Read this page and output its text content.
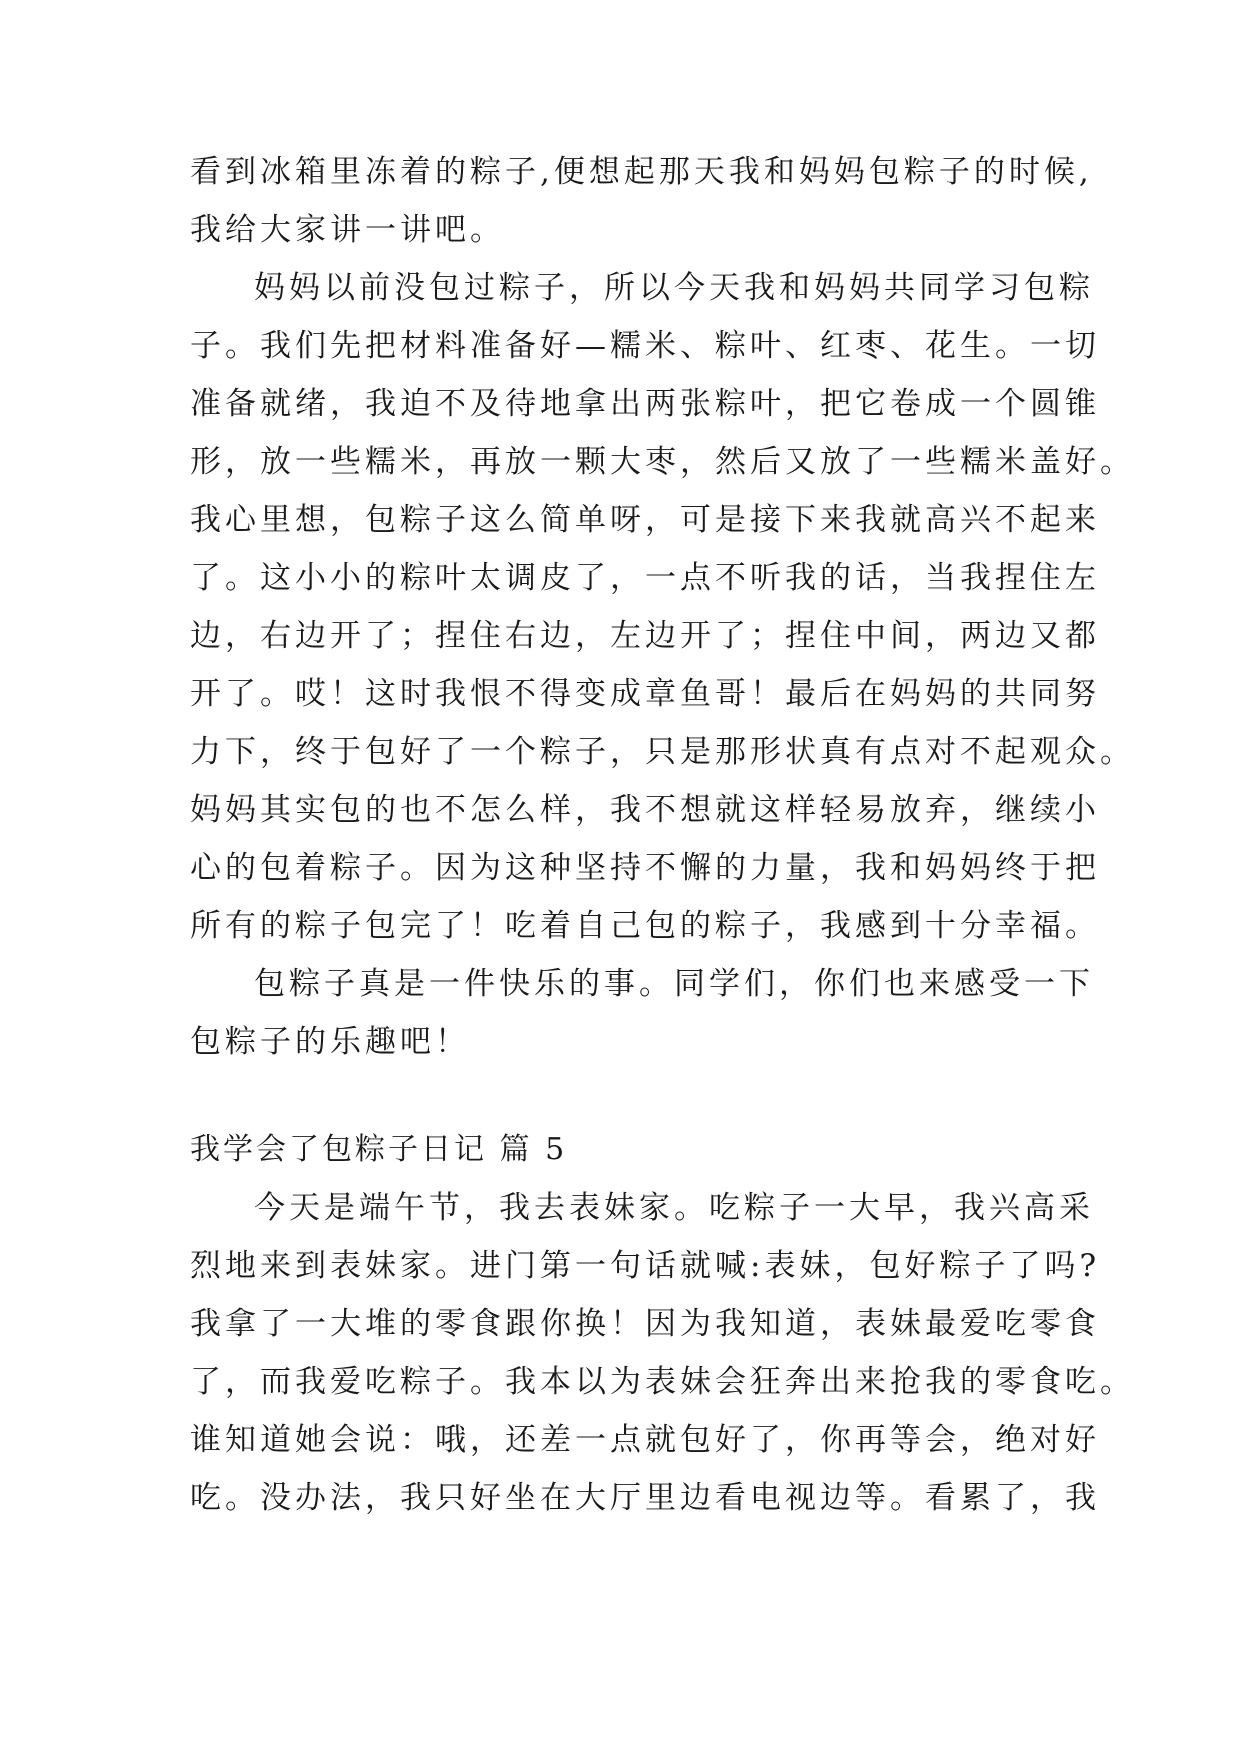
看到冰箱里冻着的粽子,便想起那天我和妈妈包粽子的时候,
我给大家讲一讲吧。
妈妈以前没包过粽子，所以今天我和妈妈共同学习包粽
子。我们先把材料准备好—糯米、粽叶、红枣、花生。一切
准备就绪，我迫不及待地拿出两张粽叶，把它卷成一个圆锥
形，放一些糯米，再放一颗大枣，然后又放了一些糯米盖好。
我心里想，包粽子这么简单呀，可是接下来我就高兴不起来
了。这小小的粽叶太调皮了，一点不听我的话，当我捏住左
边，右边开了；捏住右边，左边开了；捏住中间，两边又都
开了。哎！这时我恨不得变成章鱼哥！最后在妈妈的共同努
力下，终于包好了一个粽子，只是那形状真有点对不起观众。
妈妈其实包的也不怎么样，我不想就这样轻易放弃，继续小
心的包着粽子。因为这种坚持不懈的力量，我和妈妈终于把
所有的粽子包完了！吃着自己包的粽子，我感到十分幸福。
包粽子真是一件快乐的事。同学们，你们也来感受一下
包粽子的乐趣吧！
我学会了包粽子日记 篇 5
今天是端午节，我去表妹家。吃粽子一大早，我兴高采
烈地来到表妹家。进门第一句话就喊:表妹，包好粽子了吗?
我拿了一大堆的零食跟你换！因为我知道，表妹最爱吃零食
了，而我爱吃粽子。我本以为表妹会狂奔出来抢我的零食吃。
谁知道她会说：哦，还差一点就包好了，你再等会，绝对好
吃。没办法，我只好坐在大厅里边看电视边等。看累了，我
